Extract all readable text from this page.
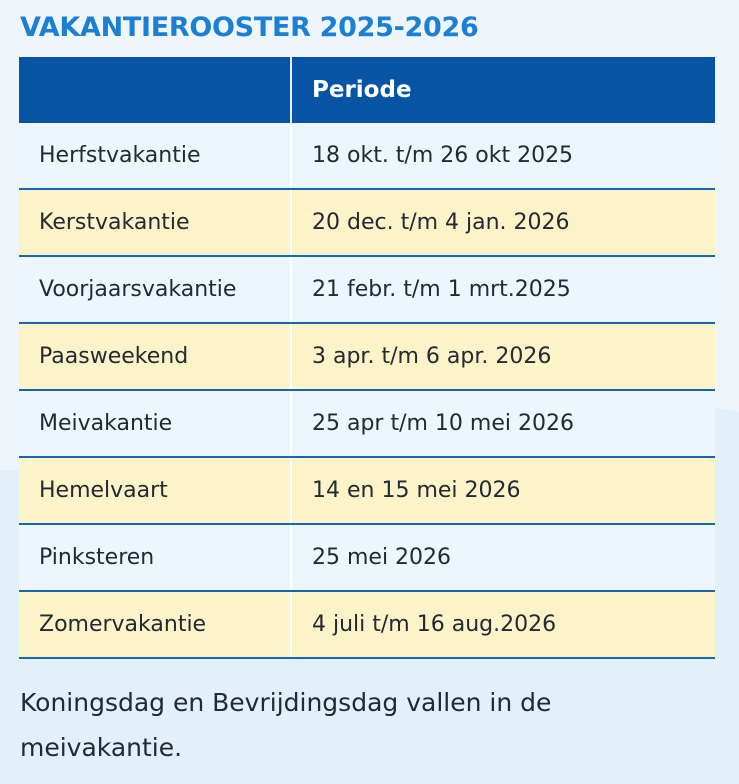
VAKANTIEROOSTER 2025-2026
	Periode
Herfstvakantie	18 okt. t/m 26 okt 2025
Kerstvakantie	20 dec. t/m 4 jan. 2026
Voorjaarsvakantie	21 febr. t/m 1 mrt.2025
Paasweekend	3 apr. t/m 6 apr. 2026
Meivakantie	25 apr t/m 10 mei 2026
Hemelvaart	14 en 15 mei 2026
Pinksteren	25 mei 2026
Zomervakantie	4 juli t/m 16 aug.2026

Koningsdag en Bevrijdingsdag vallen in de meivakantie.
